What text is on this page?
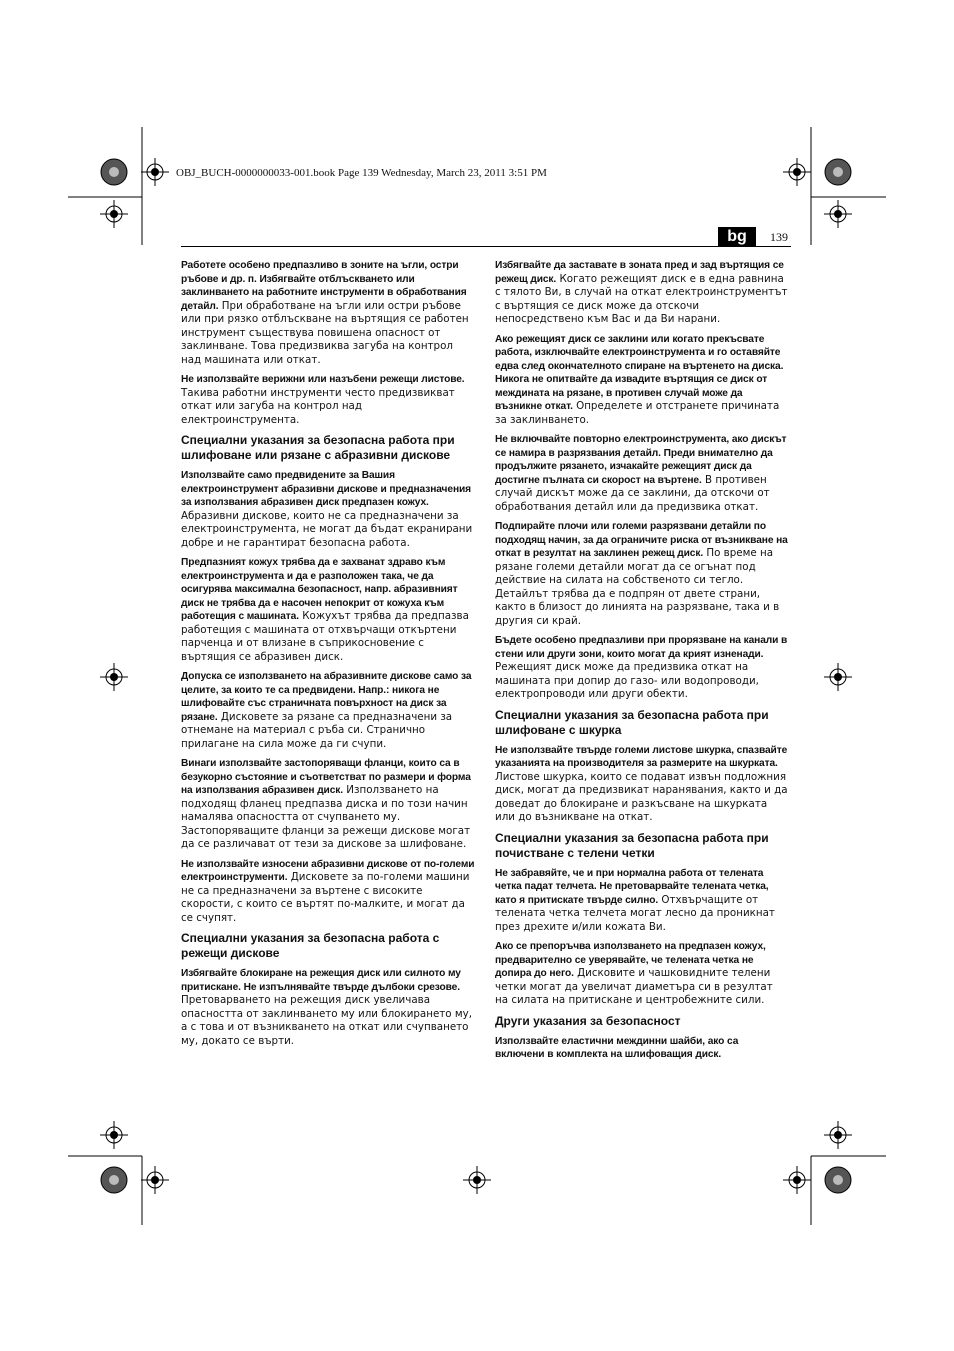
OBJ_BUCH-0000000033-001.book Page 139 Wednesday, March 23, 2011 3:51 PM
bg	139

Работете особено предпазливо в зоните на ъгли, остри ръбове и др. п. Избягвайте отблъскването или заклинването на работните инструменти в обработвания детайл. При обработване на ъгли или остри ръбове или при рязко отблъскване на въртящия се работен инструмент съществува повишена опасност от заклинване. Това предизвиква загуба на контрол над машината или откат.

Не използвайте верижни или назъбени режещи листове. Такива работни инструменти често предизвикват откат или загуба на контрол над електроинструмента.

Специални указания за безопасна работа при шлифоване или рязане с абразивни дискове

Използвайте само предвидените за Вашия електроинструмент абразивни дискове и предназначения за използвания абразивен диск предпазен кожух. Абразивни дискове, които не са предназначени за електроинструмента, не могат да бъдат екранирани добре и не гарантират безопасна работа.

Предпазният кожух трябва да е захванат здраво към електроинструмента и да е разположен така, че да осигурява максимална безопасност, напр. абразивният диск не трябва да е насочен непокрит от кожуха към работещия с машината. Кожухът трябва да предпазва работещия с машината от отхвърчащи откъртени парченца и от влизане в съприкосновение с въртящия се абразивен диск.

Допуска се използването на абразивните дискове само за целите, за които те са предвидени. Напр.: никога не шлифовайте със страничната повърхност на диск за рязане. Дисковете за рязане са предназначени за отнемане на материал с ръба си. Странично прилагане на сила може да ги счупи.

Винаги използвайте застопоряващи фланци, които са в безукорно състояние и съответстват по размери и форма на използвания абразивен диск. Използването на подходящ фланец предпазва диска и по този начин намалява опасността от счупването му. Застопоряващите фланци за режещи дискове могат да се различават от тези за дискове за шлифоване.

Не използвайте износени абразивни дискове от по-големи електроинструменти. Дисковете за по-големи машини не са предназначени за въртене с високите скорости, с които се въртят по-малките, и могат да се счупят.

Специални указания за безопасна работа с режещи дискове

Избягвайте блокиране на режещия диск или силното му притискане. Не изпълнявайте твърде дълбоки срезове. Претоварването на режещия диск увеличава опасността от заклинването му или блокирането му, а с това и от възникването на откат или счупването му, докато се върти.

Избягвайте да заставате в зоната пред и зад въртящия се режещ диск. Когато режещият диск е в една равнина с тялото Ви, в случай на откат електроинструментът с въртящия се диск може да отскочи непосредствено към Вас и да Ви нарани.

Ако режещият диск се заклини или когато прекъсвате работа, изключвайте електроинструмента и го оставяйте едва след окончателното спиране на въртенето на диска. Никога не опитвайте да извадите въртящия се диск от междината на рязане, в противен случай може да възникне откат. Определете и отстранете причината за заклинването.

Не включвайте повторно електроинструмента, ако дискът се намира в разрязвания детайл. Преди внимателно да продължите рязането, изчакайте режещият диск да достигне пълната си скорост на въртене. В противен случай дискът може да се заклини, да отскочи от обработвания детайл или да предизвика откат.

Подпирайте плочи или големи разрязвани детайли по подходящ начин, за да ограничите риска от възникване на откат в резултат на заклинен режещ диск. По време на рязане големи детайли могат да се огънат под действие на силата на собственото си тегло. Детайлът трябва да е подпрян от двете страни, както в близост до линията на разрязване, така и в другия си край.

Бъдете особено предпазливи при прорязване на канали в стени или други зони, които могат да крият изненади. Режещият диск може да предизвика откат на машината при допир до газо- или водопроводи, електропроводи или други обекти.

Специални указания за безопасна работа при шлифоване с шкурка

Не използвайте твърде големи листове шкурка, спазвайте указанията на производителя за размерите на шкурката. Листове шкурка, които се подават извън подложния диск, могат да предизвикат наранявания, както и да доведат до блокиране и разкъсване на шкурката или до възникване на откат.

Специални указания за безопасна работа при почистване с телени четки

Не забравяйте, че и при нормална работа от телената четка падат телчета. Не претоварвайте телената четка, като я притискате твърде силно. Отхвърчащите от телената четка телчета могат лесно да проникнат през дрехите и/или кожата Ви.

Ако се препоръчва използването на предпазен кожух, предварително се уверявайте, че телената четка не допира до него. Дисковите и чашковидните телени четки могат да увеличат диаметъра си в резултат на силата на притискане и центробежните сили.

Други указания за безопасност

Използвайте еластични междинни шайби, ако са включени в комплекта на шлифоващия диск.
